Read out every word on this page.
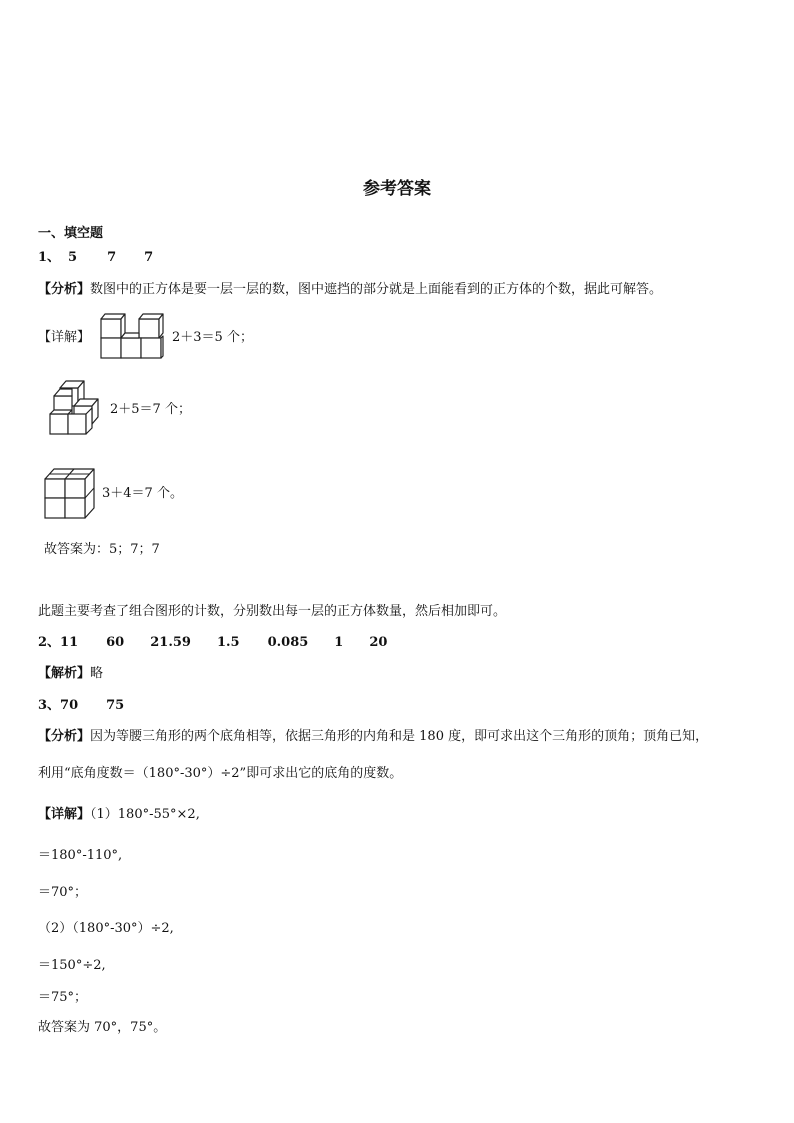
参考答案
一、填空题
1、 5 7 7
【分析】数图中的正方体是要一层一层的数，图中遮挡的部分就是上面能看到的正方体的个数，据此可解答。
【详解】	2＋3＝5 个；
2＋5＝7 个；
3＋4＝7 个。
故答案为：5；7；7
此题主要考查了组合图形的计数，分别数出每一层的正方体数量，然后相加即可。
2、11 60 21.59 1.5 0.085 1 20
【解析】略
3、70 75
【分析】因为等腰三角形的两个底角相等，依据三角形的内角和是 180 度，即可求出这个三角形的顶角；顶角已知，
利用“底角度数＝（180°-30°）÷2”即可求出它的底角的度数。
【详解】（1）180°-55°×2,
＝180°-110°,
＝70°；
（2）（180°-30°）÷2,
＝150°÷2,
＝75°；
故答案为 70°，75°。
